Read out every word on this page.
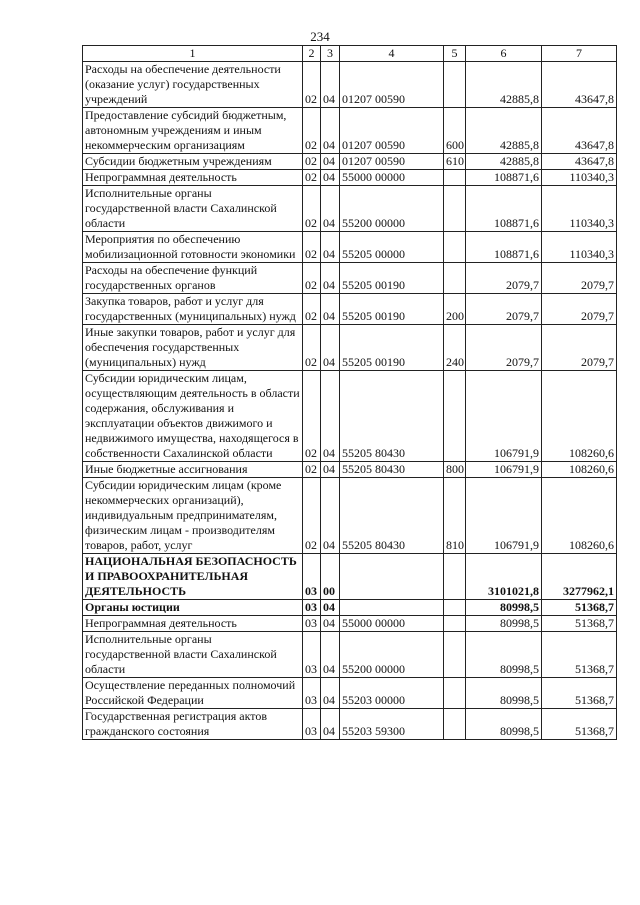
234
1	2	3	4	5	6	7
Расходы на обеспечение деятельности (оказание услуг) государственных учреждений	02	04	01207 00590		42885,8	43647,8
Предоставление субсидий бюджетным, автономным учреждениям и иным некоммерческим организациям	02	04	01207 00590	600	42885,8	43647,8
Субсидии бюджетным учреждениям	02	04	01207 00590	610	42885,8	43647,8
Непрограммная деятельность	02	04	55000 00000		108871,6	110340,3
Исполнительные органы государственной власти Сахалинской области	02	04	55200 00000		108871,6	110340,3
Мероприятия по обеспечению мобилизационной готовности экономики	02	04	55205 00000		108871,6	110340,3
Расходы на обеспечение функций государственных органов	02	04	55205 00190		2079,7	2079,7
Закупка товаров, работ и услуг для государственных (муниципальных) нужд	02	04	55205 00190	200	2079,7	2079,7
Иные закупки товаров, работ и услуг для обеспечения государственных (муниципальных) нужд	02	04	55205 00190	240	2079,7	2079,7
Субсидии юридическим лицам, осуществляющим деятельность в области содержания, обслуживания и эксплуатации объектов движимого и недвижимого имущества, находящегося в собственности Сахалинской области	02	04	55205 80430		106791,9	108260,6
Иные бюджетные ассигнования	02	04	55205 80430	800	106791,9	108260,6
Субсидии юридическим лицам (кроме некоммерческих организаций), индивидуальным предпринимателям, физическим лицам - производителям товаров, работ, услуг	02	04	55205 80430	810	106791,9	108260,6
НАЦИОНАЛЬНАЯ БЕЗОПАСНОСТЬ И ПРАВООХРАНИТЕЛЬНАЯ ДЕЯТЕЛЬНОСТЬ	03	00			3101021,8	3277962,1
Органы юстиции	03	04			80998,5	51368,7
Непрограммная деятельность	03	04	55000 00000		80998,5	51368,7
Исполнительные органы государственной власти Сахалинской области	03	04	55200 00000		80998,5	51368,7
Осуществление переданных полномочий Российской Федерации	03	04	55203 00000		80998,5	51368,7
Государственная регистрация актов гражданского состояния	03	04	55203 59300		80998,5	51368,7
